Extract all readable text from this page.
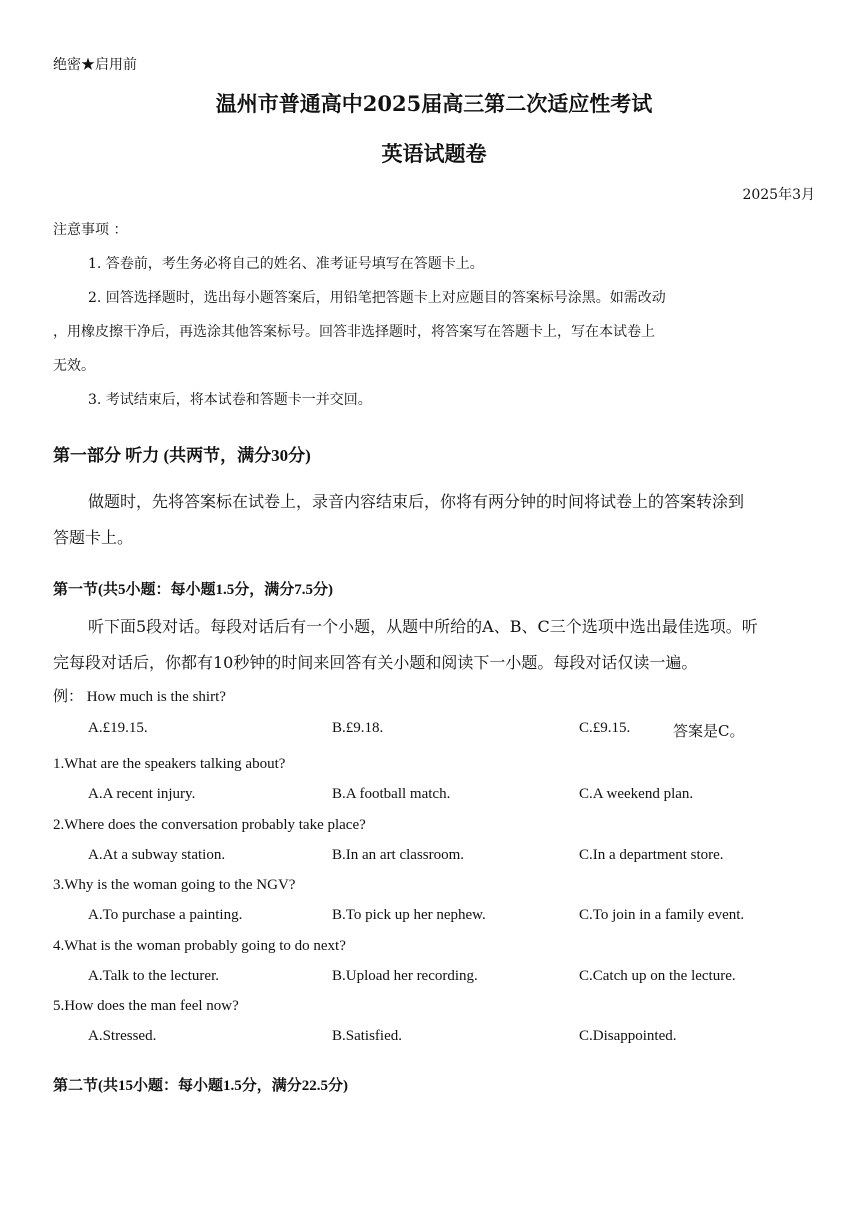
绝密★启用前
温州市普通高中2025届高三第二次适应性考试
英语试题卷
2025年3月
注意事项 ：
1. 答卷前，考生务必将自己的姓名、准考证号填写在答题卡上。
2. 回答选择题时，选出每小题答案后，用铅笔把答题卡上对应题目的答案标号涂黑。如需改动
，用橡皮擦干净后，再选涂其他答案标号。回答非选择题时，将答案写在答题卡上，写在本试卷上
无效。
3. 考试结束后，将本试卷和答题卡一并交回。
第一部分 听力 (共两节，满分30分)
做题时，先将答案标在试卷上，录音内容结束后，你将有两分钟的时间将试卷上的答案转涂到
答题卡上。
第一节(共5小题：每小题1.5分，满分7.5分)
听下面5段对话。每段对话后有一个小题，从题中所给的A、B、C三个选项中选出最佳选项。听
完每段对话后，你都有10秒钟的时间来回答有关小题和阅读下一小题。每段对话仅读一遍。
例： How much is the shirt?
A.£19.15.	B.£9.18.	C.£9.15.	答案是C。
1.What are the speakers talking about?
A.A recent injury.	B.A football match.	C.A weekend plan.
2.Where does the conversation probably take place?
A.At a subway station.	B.In an art classroom.	C.In a department store.
3.Why is the woman going to the NGV?
A.To purchase a painting.	B.To pick up her nephew.	C.To join in a family event.
4.What is the woman probably going to do next?
A.Talk to the lecturer.	B.Upload her recording.	C.Catch up on the lecture.
5.How does the man feel now?
A.Stressed.	B.Satisfied.	C.Disappointed.
第二节(共15小题：每小题1.5分，满分22.5分)
